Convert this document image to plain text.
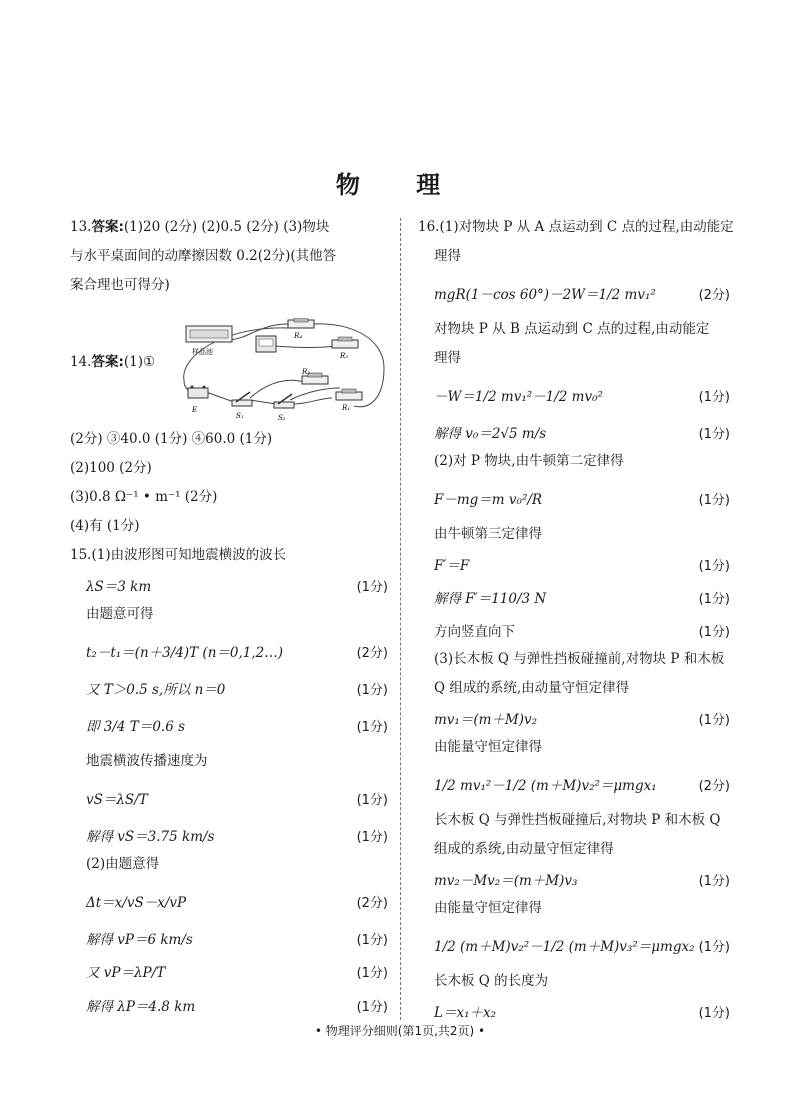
物 理
13.答案:(1)20 (2分) (2)0.5 (2分) (3)物块
与水平桌面间的动摩擦因数 0.2(2分)(其他答
案合理也可得分)
14.答案:(1)①
(2分) ③40.0 (1分) ④60.0 (1分)
(2)100 (2分)
(3)0.8 Ω⁻¹ • m⁻¹ (2分)
(4)有 (1分)
15.(1)由波形图可知地震横波的波长
λS＝3 km	(1分)
由题意可得
t₂－t₁＝(n＋3/4)T (n＝0,1,2…)	(2分)
又 T＞0.5 s,所以 n＝0	(1分)
即 3/4 T＝0.6 s	(1分)
地震横波传播速度为
vS＝λS/T	(1分)
解得 vS＝3.75 km/s	(1分)
(2)由题意得
Δt＝x/vS－x/vP	(2分)
解得 vP＝6 km/s	(1分)
又 vP＝λP/T	(1分)
解得 λP＝4.8 km	(1分)
样品池
R₄
R₃
E
S₁	S₂
R₂
R₁
16.(1)对物块 P 从 A 点运动到 C 点的过程,由动能定
理得
mgR(1－cos 60°)－2W＝1/2 mv₁²	(2分)
对物块 P 从 B 点运动到 C 点的过程,由动能定
理得
－W＝1/2 mv₁²－1/2 mv₀²	(1分)
解得 v₀＝2√5 m/s	(1分)
(2)对 P 物块,由牛顿第二定律得
F－mg＝m v₀²/R	(1分)
由牛顿第三定律得
F′＝F	(1分)
解得 F′＝110/3 N	(1分)
方向竖直向下	(1分)
(3)长木板 Q 与弹性挡板碰撞前,对物块 P 和木板
Q 组成的系统,由动量守恒定律得
mv₁＝(m＋M)v₂	(1分)
由能量守恒定律得
1/2 mv₁²－1/2 (m＋M)v₂²＝μmgx₁	(2分)
长木板 Q 与弹性挡板碰撞后,对物块 P 和木板 Q
组成的系统,由动量守恒定律得
mv₂－Mv₂＝(m＋M)v₃	(1分)
由能量守恒定律得
1/2 (m＋M)v₂²－1/2 (m＋M)v₃²＝μmgx₂ (1分)
长木板 Q 的长度为
L＝x₁＋x₂	(1分)
• 物理评分细则(第1页,共2页) •
